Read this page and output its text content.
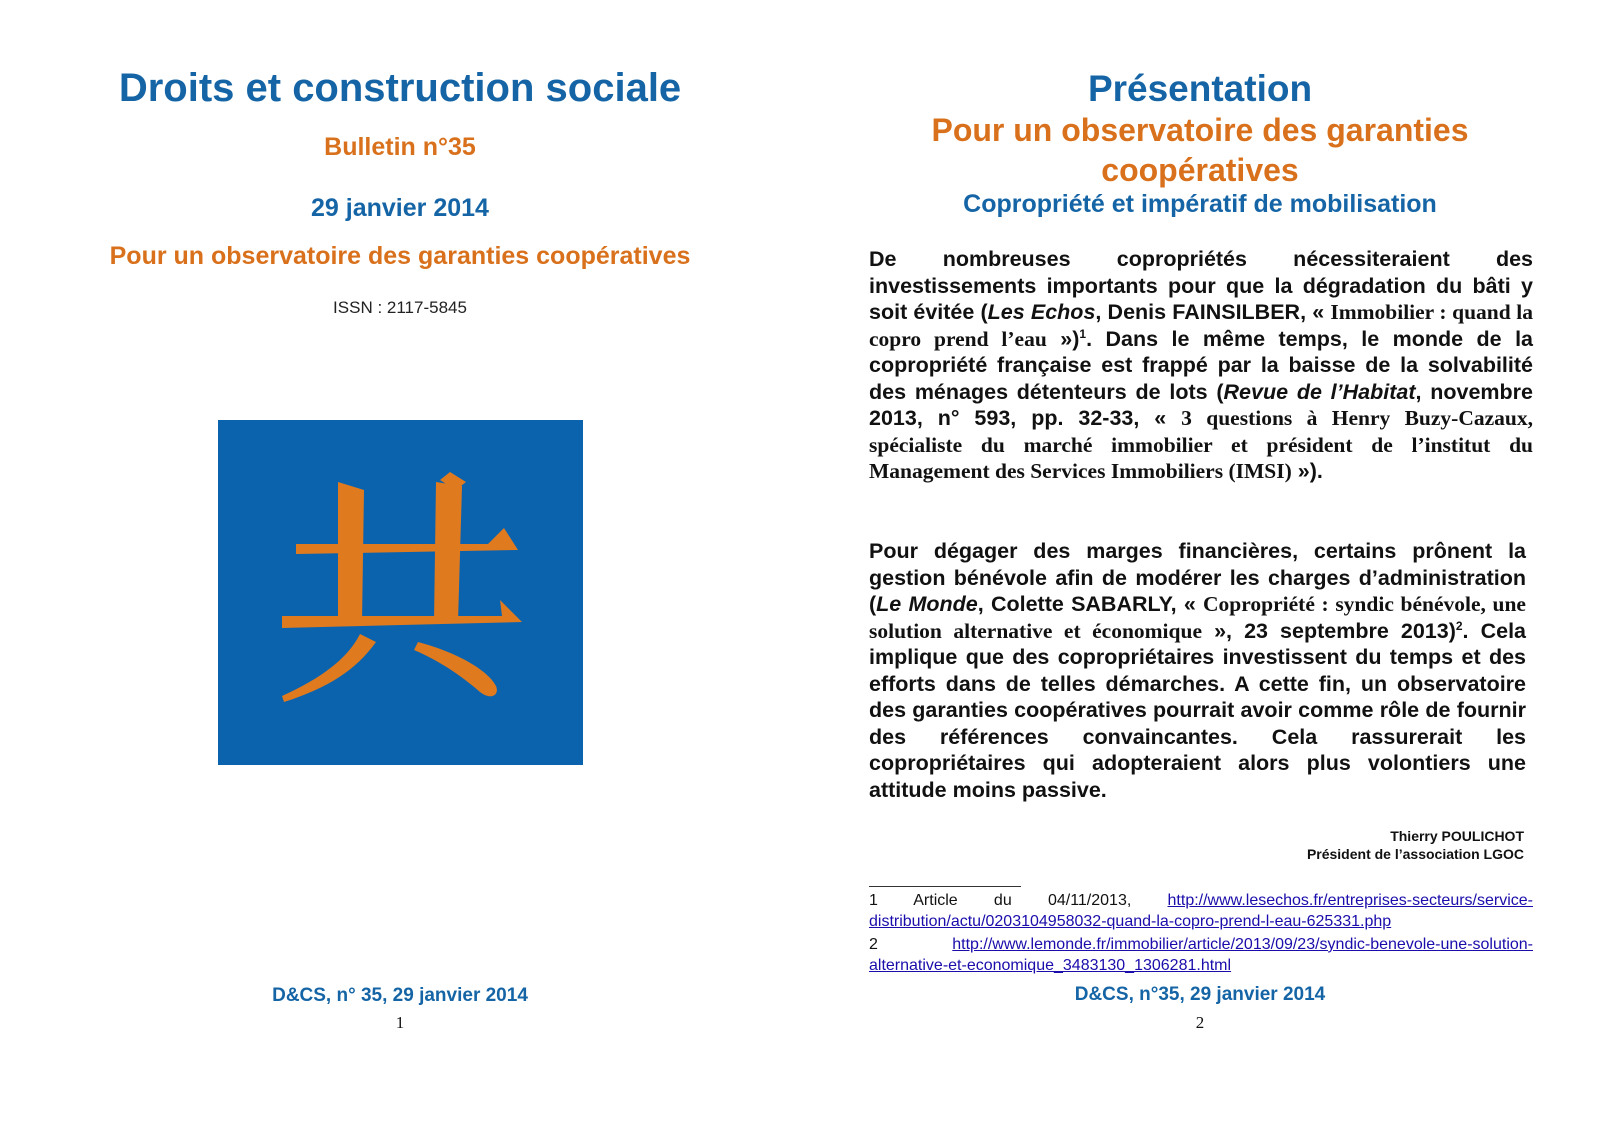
Droits et construction sociale
Bulletin n°35
29 janvier 2014
Pour un observatoire des garanties coopératives
ISSN : 2117-5845
D&CS, n° 35, 29 janvier 2014
1
Présentation
Pour un observatoire des garanties coopératives
Copropriété et impératif de mobilisation
De nombreuses copropriétés nécessiteraient des investissements importants pour que la dégradation du bâti y soit évitée (Les Echos, Denis FAINSILBER, « Immobilier : quand la copro prend l’eau »)$^1$. Dans le même temps, le monde de la copropriété française est frappé par la baisse de la solvabilité des ménages détenteurs de lots (Revue de l’Habitat, novembre 2013, n° 593, pp. 32-33, « 3 questions à Henry Buzy-Cazaux, spécialiste du marché immobilier et président de l’institut du Management des Services Immobiliers (IMSI) »).
Pour dégager des marges financières, certains prônent la gestion bénévole afin de modérer les charges d’administration (Le Monde, Colette SABARLY, « Copropriété : syndic bénévole, une solution alternative et économique », 23 septembre 2013)$^2$. Cela implique que des copropriétaires investissent du temps et des efforts dans de telles démarches. A cette fin, un observatoire des garanties coopératives pourrait avoir comme rôle de fournir des références convaincantes. Cela rassurerait les copropriétaires qui adopteraient alors plus volontiers une attitude moins passive.
Thierry POULICHOT
Président de l’association LGOC
1 Article du 04/11/2013, http://www.lesechos.fr/entreprises-secteurs/service-distribution/actu/0203104958032-quand-la-copro-prend-l-eau-625331.php
2 http://www.lemonde.fr/immobilier/article/2013/09/23/syndic-benevole-une-solution-alternative-et-economique_3483130_1306281.html
D&CS, n°35, 29 janvier 2014
2
